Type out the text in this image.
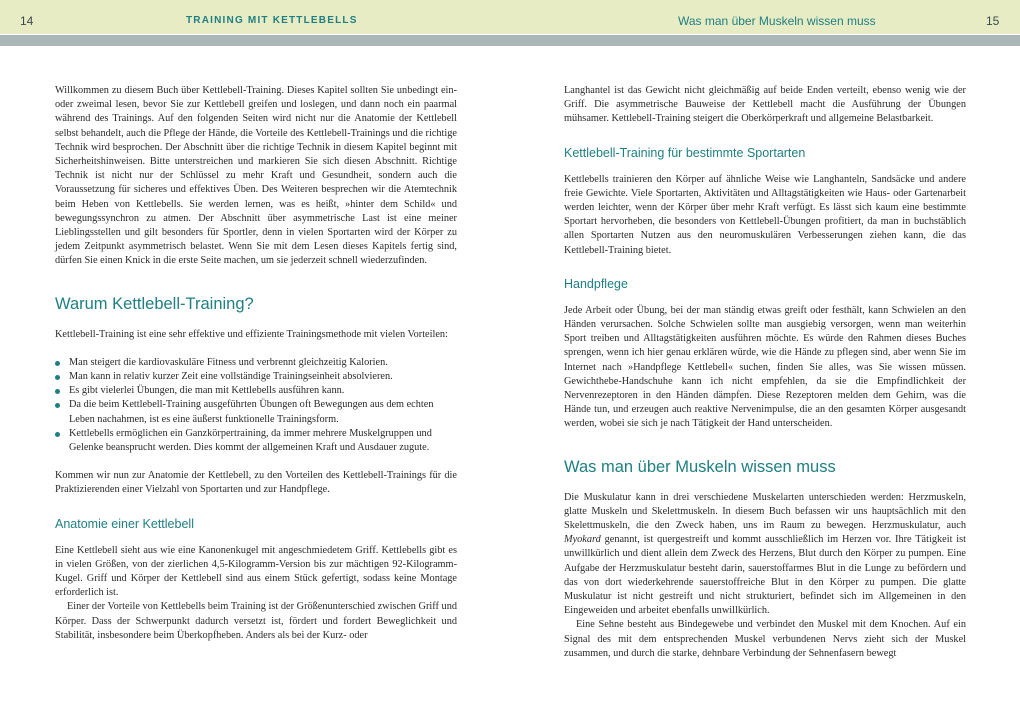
14	TRAINING MIT KETTLEBELLS	Was man über Muskeln wissen muss	15

Willkommen zu diesem Buch über Kettlebell-Training. Dieses Kapitel sollten Sie unbedingt ein- oder zweimal lesen, bevor Sie zur Kettlebell greifen und loslegen, und dann noch ein paarmal während des Trainings. Auf den folgenden Seiten wird nicht nur die Anatomie der Kettlebell selbst behandelt, auch die Pflege der Hände, die Vorteile des Kettlebell-Trainings und die richtige Technik wird besprochen. Der Abschnitt über die richtige Technik in diesem Kapitel beginnt mit Sicherheitshinweisen. Bitte unterstreichen und markieren Sie sich diesen Abschnitt. Richtige Technik ist nicht nur der Schlüssel zu mehr Kraft und Gesundheit, sondern auch die Voraussetzung für sicheres und effektives Üben. Des Weiteren besprechen wir die Atemtechnik beim Heben von Kettlebells. Sie werden lernen, was es heißt, »hinter dem Schild« und bewegungssynchron zu atmen. Der Abschnitt über asymmetrische Last ist eine meiner Lieblingsstellen und gilt besonders für Sportler, denn in vielen Sportarten wird der Körper zu jedem Zeitpunkt asymmetrisch belastet. Wenn Sie mit dem Lesen dieses Kapitels fertig sind, dürfen Sie einen Knick in die erste Seite machen, um sie jederzeit schnell wiederzufinden.

Warum Kettlebell-Training?

Kettlebell-Training ist eine sehr effektive und effiziente Trainingsmethode mit vielen Vorteilen:

Man steigert die kardiovaskuläre Fitness und verbrennt gleichzeitig Kalorien.
Man kann in relativ kurzer Zeit eine vollständige Trainingseinheit absolvieren.
Es gibt vielerlei Übungen, die man mit Kettlebells ausführen kann.
Da die beim Kettlebell-Training ausgeführten Übungen oft Bewegungen aus dem echten Leben nachahmen, ist es eine äußerst funktionelle Trainingsform.
Kettlebells ermöglichen ein Ganzkörpertraining, da immer mehrere Muskelgruppen und Gelenke beansprucht werden. Dies kommt der allgemeinen Kraft und Ausdauer zugute.

Kommen wir nun zur Anatomie der Kettlebell, zu den Vorteilen des Kettlebell-Trainings für die Praktizierenden einer Vielzahl von Sportarten und zur Handpflege.

Anatomie einer Kettlebell

Eine Kettlebell sieht aus wie eine Kanonenkugel mit angeschmiedetem Griff. Kettlebells gibt es in vielen Größen, von der zierlichen 4,5-Kilogramm-Version bis zur mächtigen 92-Kilogramm-Kugel. Griff und Körper der Kettlebell sind aus einem Stück gefertigt, sodass keine Montage erforderlich ist.

Einer der Vorteile von Kettlebells beim Training ist der Größenunterschied zwischen Griff und Körper. Dass der Schwerpunkt dadurch versetzt ist, fördert und fordert Beweglichkeit und Stabilität, insbesondere beim Überkopfheben. Anders als bei der Kurz- oder

Langhantel ist das Gewicht nicht gleichmäßig auf beide Enden verteilt, ebenso wenig wie der Griff. Die asymmetrische Bauweise der Kettlebell macht die Ausführung der Übungen mühsamer. Kettlebell-Training steigert die Oberkörperkraft und allgemeine Belastbarkeit.

Kettlebell-Training für bestimmte Sportarten

Kettlebells trainieren den Körper auf ähnliche Weise wie Langhanteln, Sandsäcke und andere freie Gewichte. Viele Sportarten, Aktivitäten und Alltagstätigkeiten wie Haus- oder Gartenarbeit werden leichter, wenn der Körper über mehr Kraft verfügt. Es lässt sich kaum eine bestimmte Sportart hervorheben, die besonders von Kettlebell-Übungen profitiert, da man in buchstäblich allen Sportarten Nutzen aus den neuromuskulären Verbesserungen ziehen kann, die das Kettlebell-Training bietet.

Handpflege

Jede Arbeit oder Übung, bei der man ständig etwas greift oder festhält, kann Schwielen an den Händen verursachen. Solche Schwielen sollte man ausgiebig versorgen, wenn man weiterhin Sport treiben und Alltagstätigkeiten ausführen möchte. Es würde den Rahmen dieses Buches sprengen, wenn ich hier genau erklären würde, wie die Hände zu pflegen sind, aber wenn Sie im Internet nach »Handpflege Kettlebell« suchen, finden Sie alles, was Sie wissen müssen. Gewichthebe-Handschuhe kann ich nicht empfehlen, da sie die Empfindlichkeit der Nervenrezeptoren in den Händen dämpfen. Diese Rezeptoren melden dem Gehirn, was die Hände tun, und erzeugen auch reaktive Nervenimpulse, die an den gesamten Körper ausgesandt werden, wobei sie sich je nach Tätigkeit der Hand unterscheiden.

Was man über Muskeln wissen muss

Die Muskulatur kann in drei verschiedene Muskelarten unterschieden werden: Herzmuskeln, glatte Muskeln und Skelettmuskeln. In diesem Buch befassen wir uns hauptsächlich mit den Skelettmuskeln, die den Zweck haben, uns im Raum zu bewegen. Herzmuskulatur, auch Myokard genannt, ist quergestreift und kommt ausschließlich im Herzen vor. Ihre Tätigkeit ist unwillkürlich und dient allein dem Zweck des Herzens, Blut durch den Körper zu pumpen. Eine Aufgabe der Herzmuskulatur besteht darin, sauerstoffarmes Blut in die Lunge zu befördern und das von dort wiederkehrende sauerstoffreiche Blut in den Körper zu pumpen. Die glatte Muskulatur ist nicht gestreift und nicht strukturiert, befindet sich im Allgemeinen in den Eingeweiden und arbeitet ebenfalls unwillkürlich.

Eine Sehne besteht aus Bindegewebe und verbindet den Muskel mit dem Knochen. Auf ein Signal des mit dem entsprechenden Muskel verbundenen Nervs zieht sich der Muskel zusammen, und durch die starke, dehnbare Verbindung der Sehnenfasern bewegt
